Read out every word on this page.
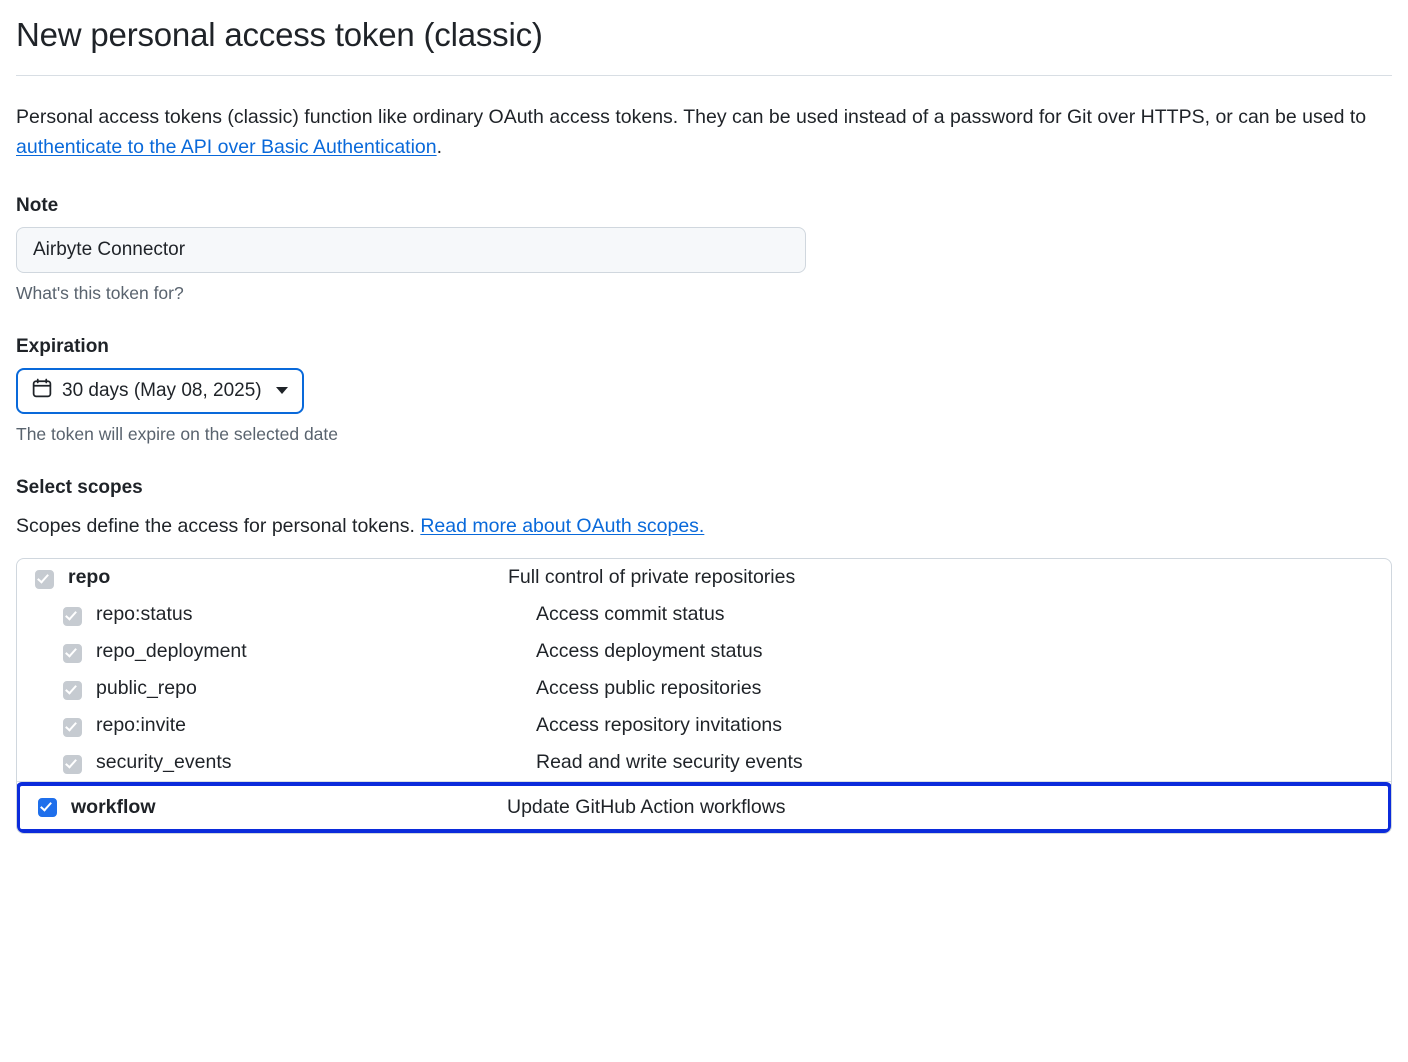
New personal access token (classic)

Personal access tokens (classic) function like ordinary OAuth access tokens. They can be used instead of a password for Git over HTTPS, or can be used to authenticate to the API over Basic Authentication.

Note
Airbyte Connector
What's this token for?
Expiration
30 days (May 08, 2025)
The token will expire on the selected date
Select scopes
Scopes define the access for personal tokens. Read more about OAuth scopes.
repo	Full control of private repositories
repo:status	Access commit status
repo_deployment	Access deployment status
public_repo	Access public repositories
repo:invite	Access repository invitations
security_events	Read and write security events
workflow	Update GitHub Action workflows
